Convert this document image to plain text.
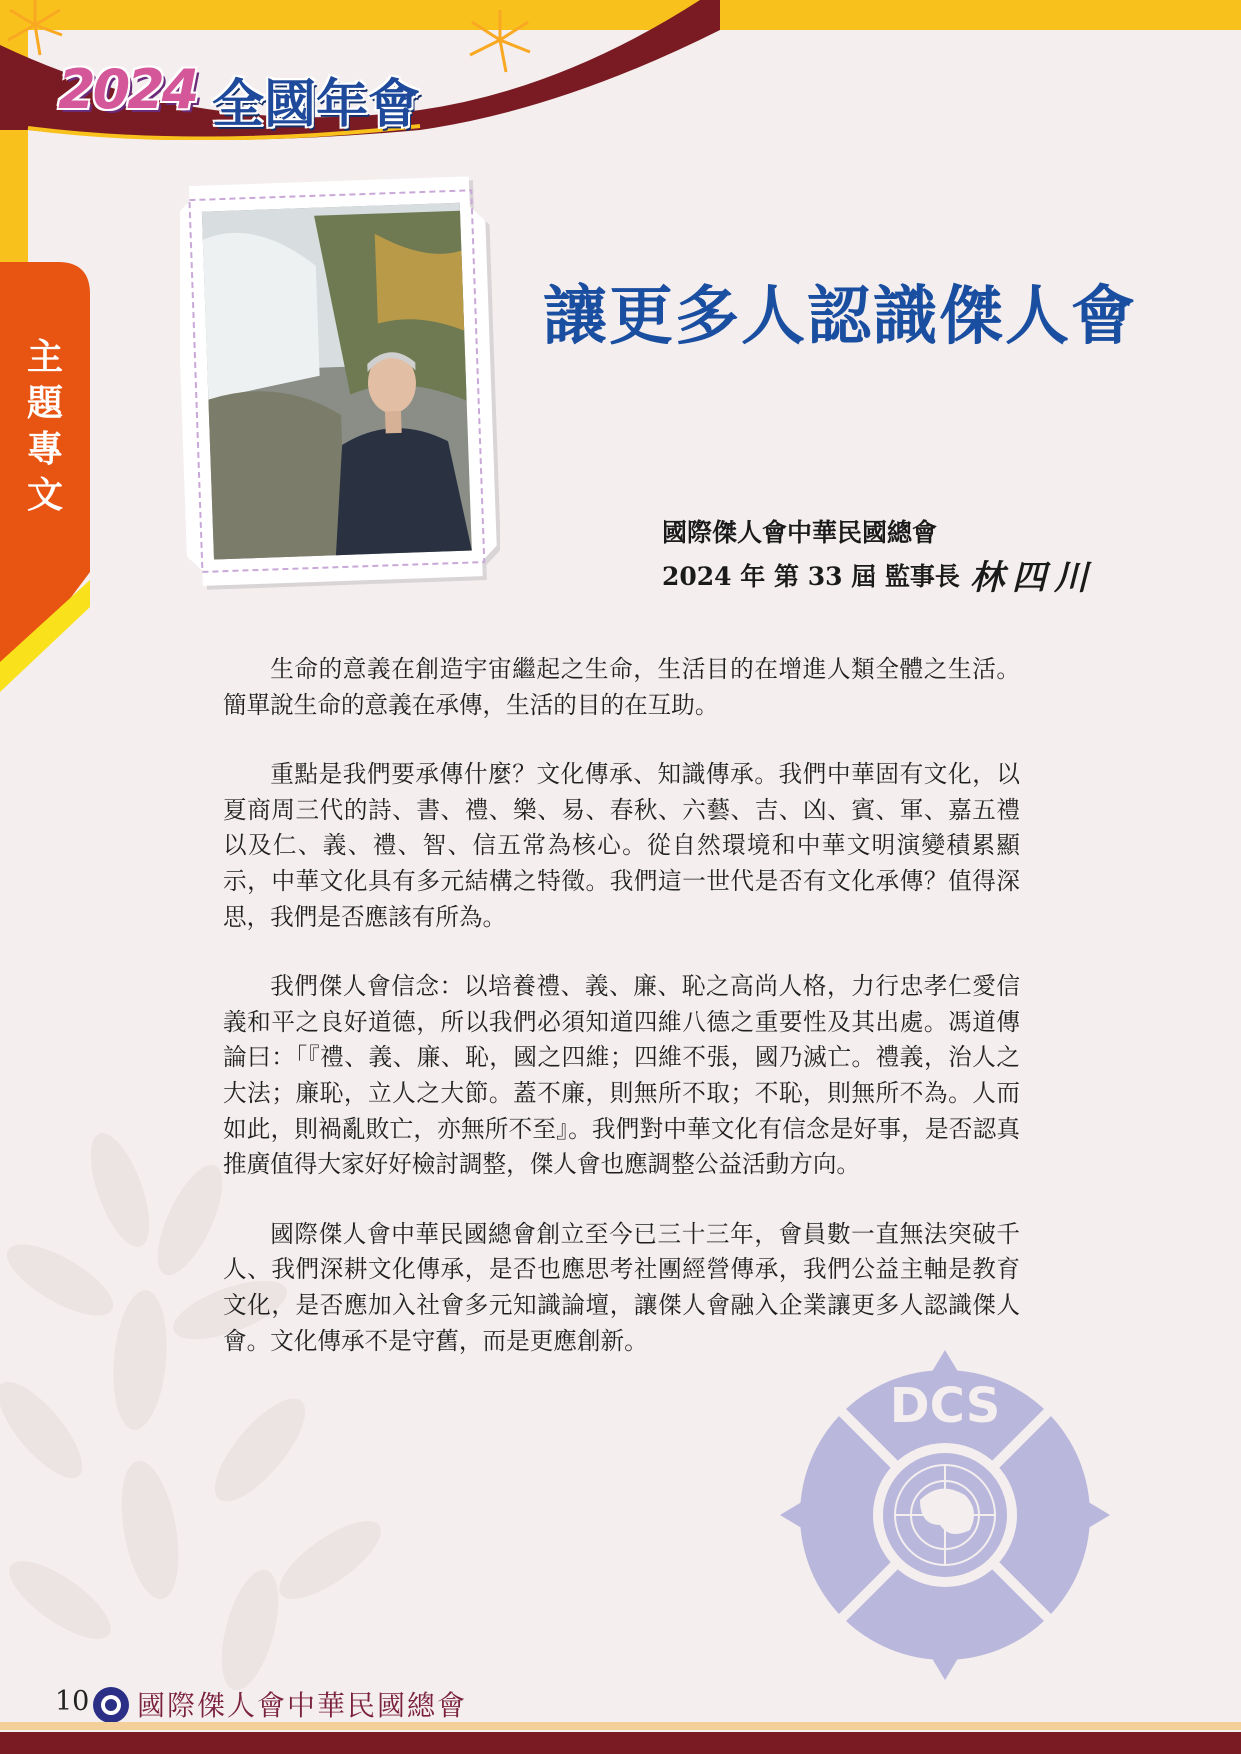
2024 全國年會
主題專文
讓更多人認識傑人會
國際傑人會中華民國總會
2024 年 第 33 屆 監事長 林四川

生命的意義在創造宇宙繼起之生命，生活目的在增進人類全體之生活。簡單說生命的意義在承傳，生活的目的在互助。

重點是我們要承傳什麼？文化傳承、知識傳承。我們中華固有文化，以夏商周三代的詩、書、禮、樂、易、春秋、六藝、吉、凶、賓、軍、嘉五禮以及仁、義、禮、智、信五常為核心。從自然環境和中華文明演變積累顯示，中華文化具有多元結構之特徵。我們這一世代是否有文化承傳？值得深思，我們是否應該有所為。

我們傑人會信念：以培養禮、義、廉、恥之高尚人格，力行忠孝仁愛信義和平之良好道德，所以我們必須知道四維八德之重要性及其出處。馮道傳論曰：「『禮、義、廉、恥，國之四維；四維不張，國乃滅亡。禮義，治人之大法；廉恥，立人之大節。蓋不廉，則無所不取；不恥，則無所不為。人而如此，則禍亂敗亡，亦無所不至』。我們對中華文化有信念是好事，是否認真推廣值得大家好好檢討調整，傑人會也應調整公益活動方向。

國際傑人會中華民國總會創立至今已三十三年，會員數一直無法突破千人、我們深耕文化傳承，是否也應思考社團經營傳承，我們公益主軸是教育文化，是否應加入社會多元知識論壇，讓傑人會融入企業讓更多人認識傑人會。文化傳承不是守舊，而是更應創新。

DCS
10 國際傑人會中華民國總會
